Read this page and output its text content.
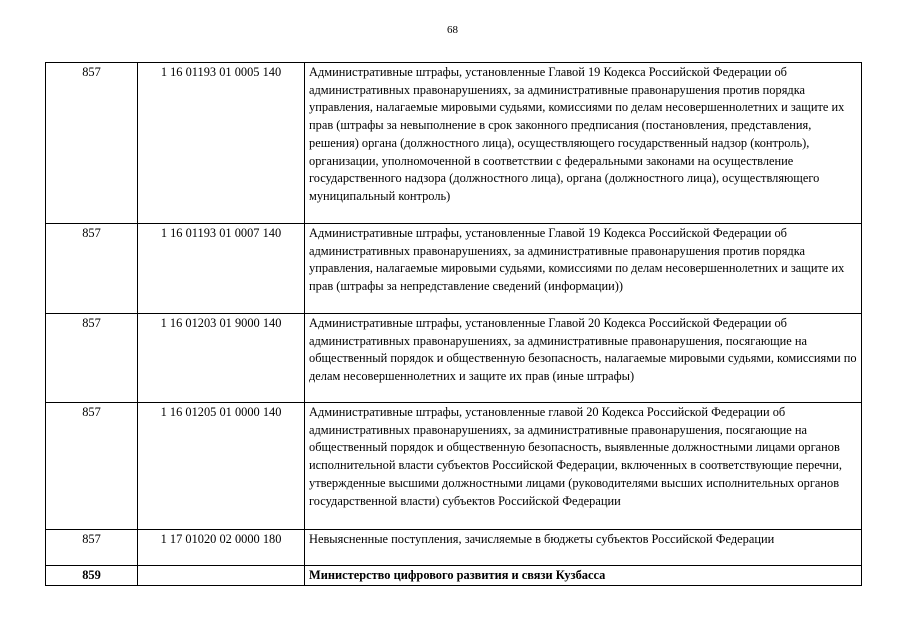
68
857	1 16 01193 01 0005 140	Административные штрафы, установленные Главой 19 Кодекса Российской Федерации об административных правонарушениях, за административные правонарушения против порядка управления, налагаемые мировыми судьями, комиссиями по делам несовершеннолетних и защите их прав (штрафы за невыполнение в срок законного предписания (постановления, представления, решения) органа (должностного лица), осуществляющего государственный надзор (контроль), организации, уполномоченной в соответствии с федеральными законами на осуществление государственного надзора (должностного лица), органа (должностного лица), осуществляющего муниципальный контроль)
857	1 16 01193 01 0007 140	Административные штрафы, установленные Главой 19 Кодекса Российской Федерации об административных правонарушениях, за административные правонарушения против порядка управления, налагаемые мировыми судьями, комиссиями по делам несовершеннолетних и защите их прав (штрафы за непредставление сведений (информации))
857	1 16 01203 01 9000 140	Административные штрафы, установленные Главой 20 Кодекса Российской Федерации об административных правонарушениях, за административные правонарушения, посягающие на общественный порядок и общественную безопасность, налагаемые мировыми судьями, комиссиями по делам несовершеннолетних и защите их прав (иные штрафы)
857	1 16 01205 01 0000 140	Административные штрафы, установленные главой 20 Кодекса Российской Федерации об административных правонарушениях, за административные правонарушения, посягающие на общественный порядок и общественную безопасность, выявленные должностными лицами органов исполнительной власти субъектов Российской Федерации, включенных в соответствующие перечни, утвержденные высшими должностными лицами (руководителями высших исполнительных органов государственной власти) субъектов Российской Федерации
857	1 17 01020 02 0000 180	Невыясненные поступления, зачисляемые в бюджеты субъектов Российской Федерации
859		Министерство цифрового развития и связи Кузбасса
